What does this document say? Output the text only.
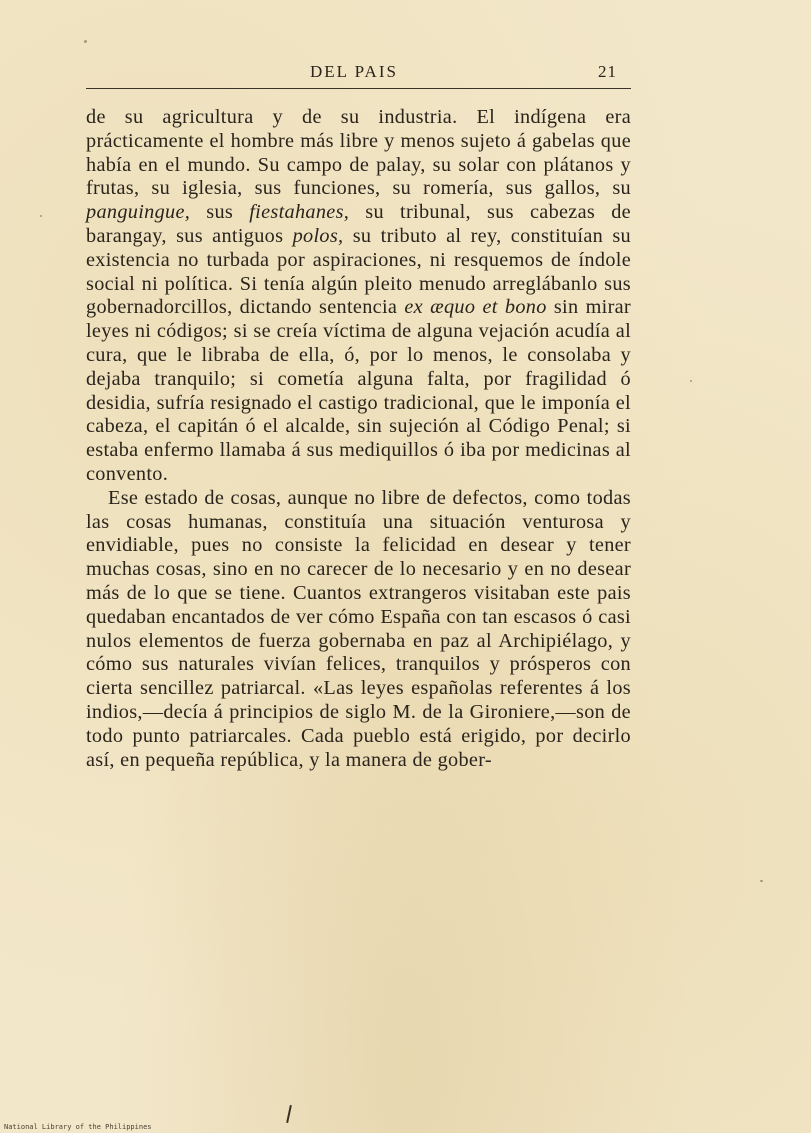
DEL PAIS	21

de su agricultura y de su industria. El indígena era prácticamente el hombre más libre y menos sujeto á gabelas que había en el mundo. Su campo de palay, su solar con plátanos y frutas, su iglesia, sus funciones, su romería, sus gallos, su panguingue, sus fiestahanes, su tribunal, sus cabezas de barangay, sus antiguos polos, su tributo al rey, constituían su existencia no turbada por aspiraciones, ni resquemos de índole social ni política. Si tenía algún pleito menudo arreglábanlo sus gobernadorcillos, dictando sentencia ex æquo et bono sin mirar leyes ni códigos; si se creía víctima de alguna vejación acudía al cura, que le libraba de ella, ó, por lo menos, le consolaba y dejaba tranquilo; si cometía alguna falta, por fragilidad ó desidia, sufría resignado el castigo tradicional, que le imponía el cabeza, el capitán ó el alcalde, sin sujeción al Código Penal; si estaba enfermo llamaba á sus mediquillos ó iba por medicinas al convento.

Ese estado de cosas, aunque no libre de defectos, como todas las cosas humanas, constituía una situación venturosa y envidiable, pues no consiste la felicidad en desear y tener muchas cosas, sino en no carecer de lo necesario y en no desear más de lo que se tiene. Cuantos extrangeros visitaban este pais quedaban encantados de ver cómo España con tan escasos ó casi nulos elementos de fuerza gobernaba en paz al Archipiélago, y cómo sus naturales vivían felices, tranquilos y prósperos con cierta sencillez patriarcal. «Las leyes españolas referentes á los indios,—decía á principios de siglo M. de la Gironiere,—son de todo punto patriarcales. Cada pueblo está erigido, por decirlo así, en pequeña república, y la manera de gober-

National Library of the Philippines
